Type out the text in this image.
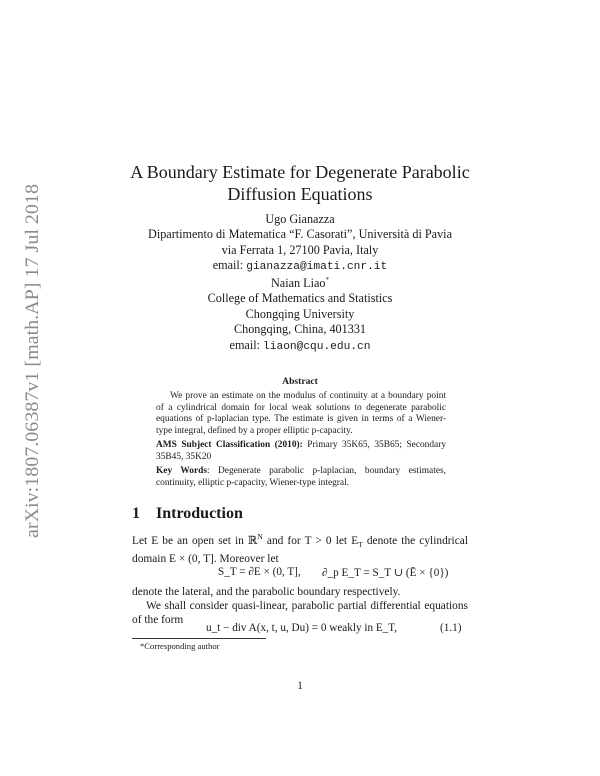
arXiv:1807.06387v1 [math.AP] 17 Jul 2018
A Boundary Estimate for Degenerate Parabolic
Diffusion Equations
Ugo Gianazza
Dipartimento di Matematica “F. Casorati”, Università di Pavia
via Ferrata 1, 27100 Pavia, Italy
email: gianazza@imati.cnr.it
Naian Liao*
College of Mathematics and Statistics
Chongqing University
Chongqing, China, 401331
email: liaon@cqu.edu.cn
Abstract
We prove an estimate on the modulus of continuity at a boundary point of a cylindrical domain for local weak solutions to degenerate parabolic equations of p-laplacian type. The estimate is given in terms of a Wiener-type integral, defined by a proper elliptic p-capacity.
AMS Subject Classification (2010): Primary 35K65, 35B65; Secondary 35B45, 35K20
Key Words: Degenerate parabolic p-laplacian, boundary estimates, continuity, elliptic p-capacity, Wiener-type integral.
1 Introduction
Let E be an open set in ℝ$^N$ and for T > 0 let $E_T$ denote the cylindrical domain E × (0, T]. Moreover let
S_T = ∂E × (0, T], ∂_p E_T = S_T ∪ (Ē × {0})
denote the lateral, and the parabolic boundary respectively.
We shall consider quasi-linear, parabolic partial differential equations of the form
u_t − div A(x, t, u, Du) = 0 weakly in E_T,	(1.1)
*Corresponding author
1
